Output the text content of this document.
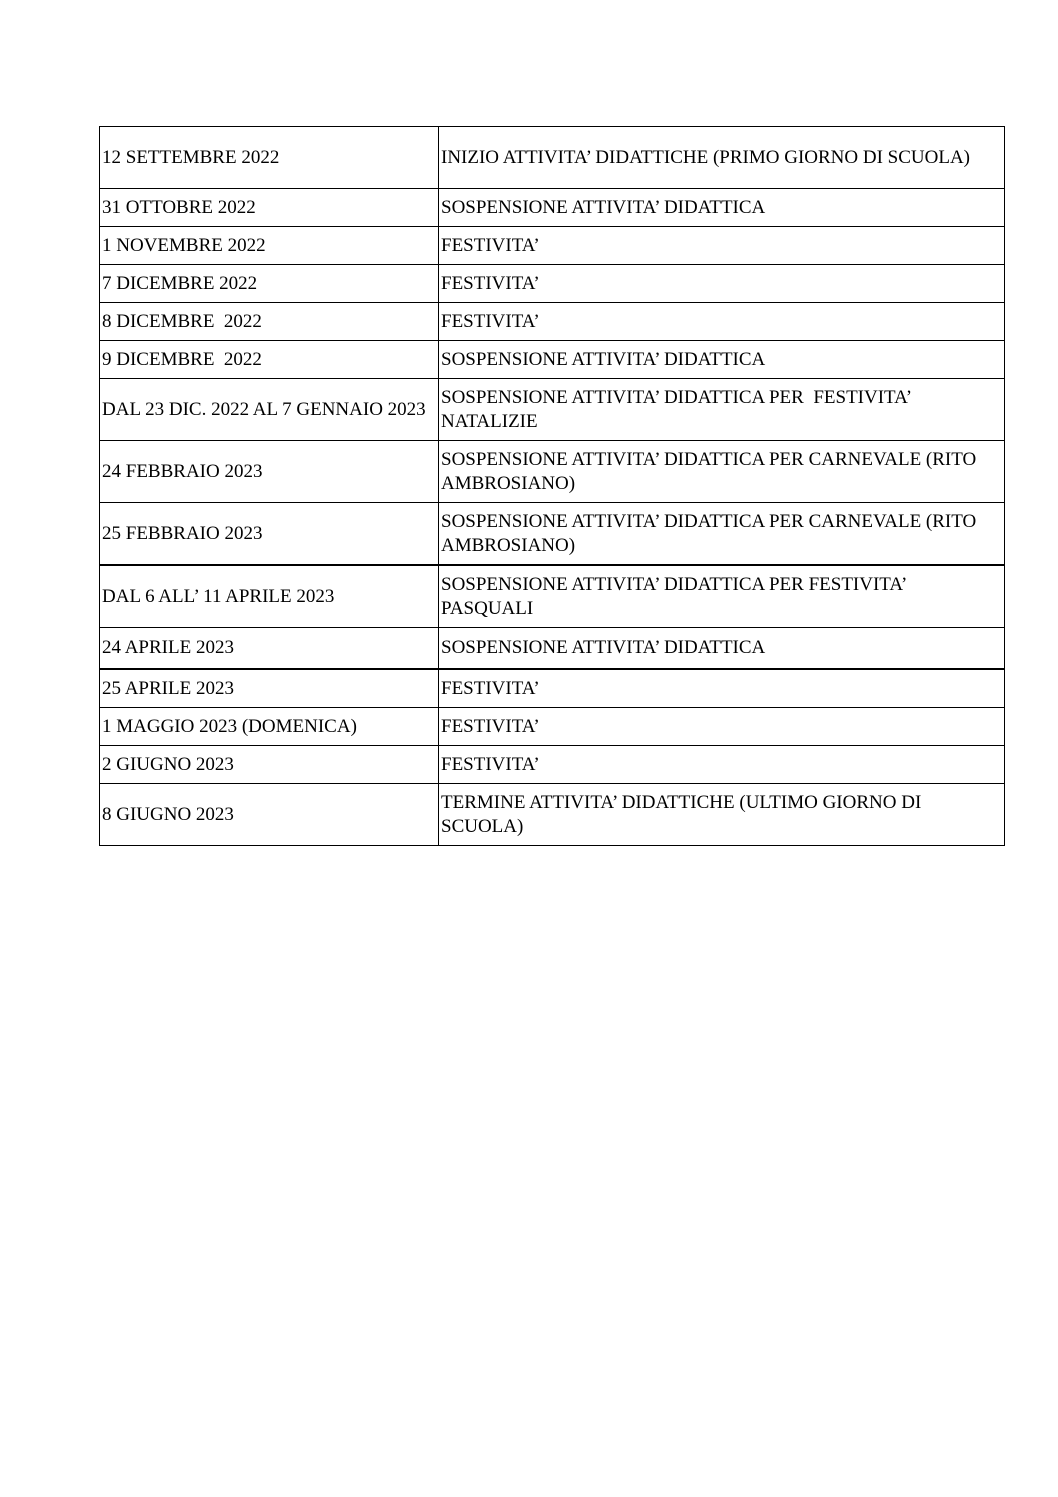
12 SETTEMBRE 2022	INIZIO ATTIVITA’ DIDATTICHE (PRIMO GIORNO DI SCUOLA)

31 OTTOBRE 2022	SOSPENSIONE ATTIVITA’ DIDATTICA

1 NOVEMBRE 2022	FESTIVITA’

7 DICEMBRE 2022	FESTIVITA’

8 DICEMBRE  2022	FESTIVITA’

9 DICEMBRE  2022	SOSPENSIONE ATTIVITA’ DIDATTICA

DAL 23 DIC. 2022 AL 7 GENNAIO 2023	SOSPENSIONE ATTIVITA’ DIDATTICA PER  FESTIVITA’ NATALIZIE

24 FEBBRAIO 2023	SOSPENSIONE ATTIVITA’ DIDATTICA PER CARNEVALE (RITO AMBROSIANO)

25 FEBBRAIO 2023	SOSPENSIONE ATTIVITA’ DIDATTICA PER CARNEVALE (RITO AMBROSIANO)

DAL 6 ALL’ 11 APRILE 2023	SOSPENSIONE ATTIVITA’ DIDATTICA PER FESTIVITA’ PASQUALI

24 APRILE 2023	SOSPENSIONE ATTIVITA’ DIDATTICA

25 APRILE 2023	FESTIVITA’

1 MAGGIO 2023 (DOMENICA)	FESTIVITA’

2 GIUGNO 2023	FESTIVITA’

8 GIUGNO 2023	TERMINE ATTIVITA’ DIDATTICHE (ULTIMO GIORNO DI SCUOLA)
